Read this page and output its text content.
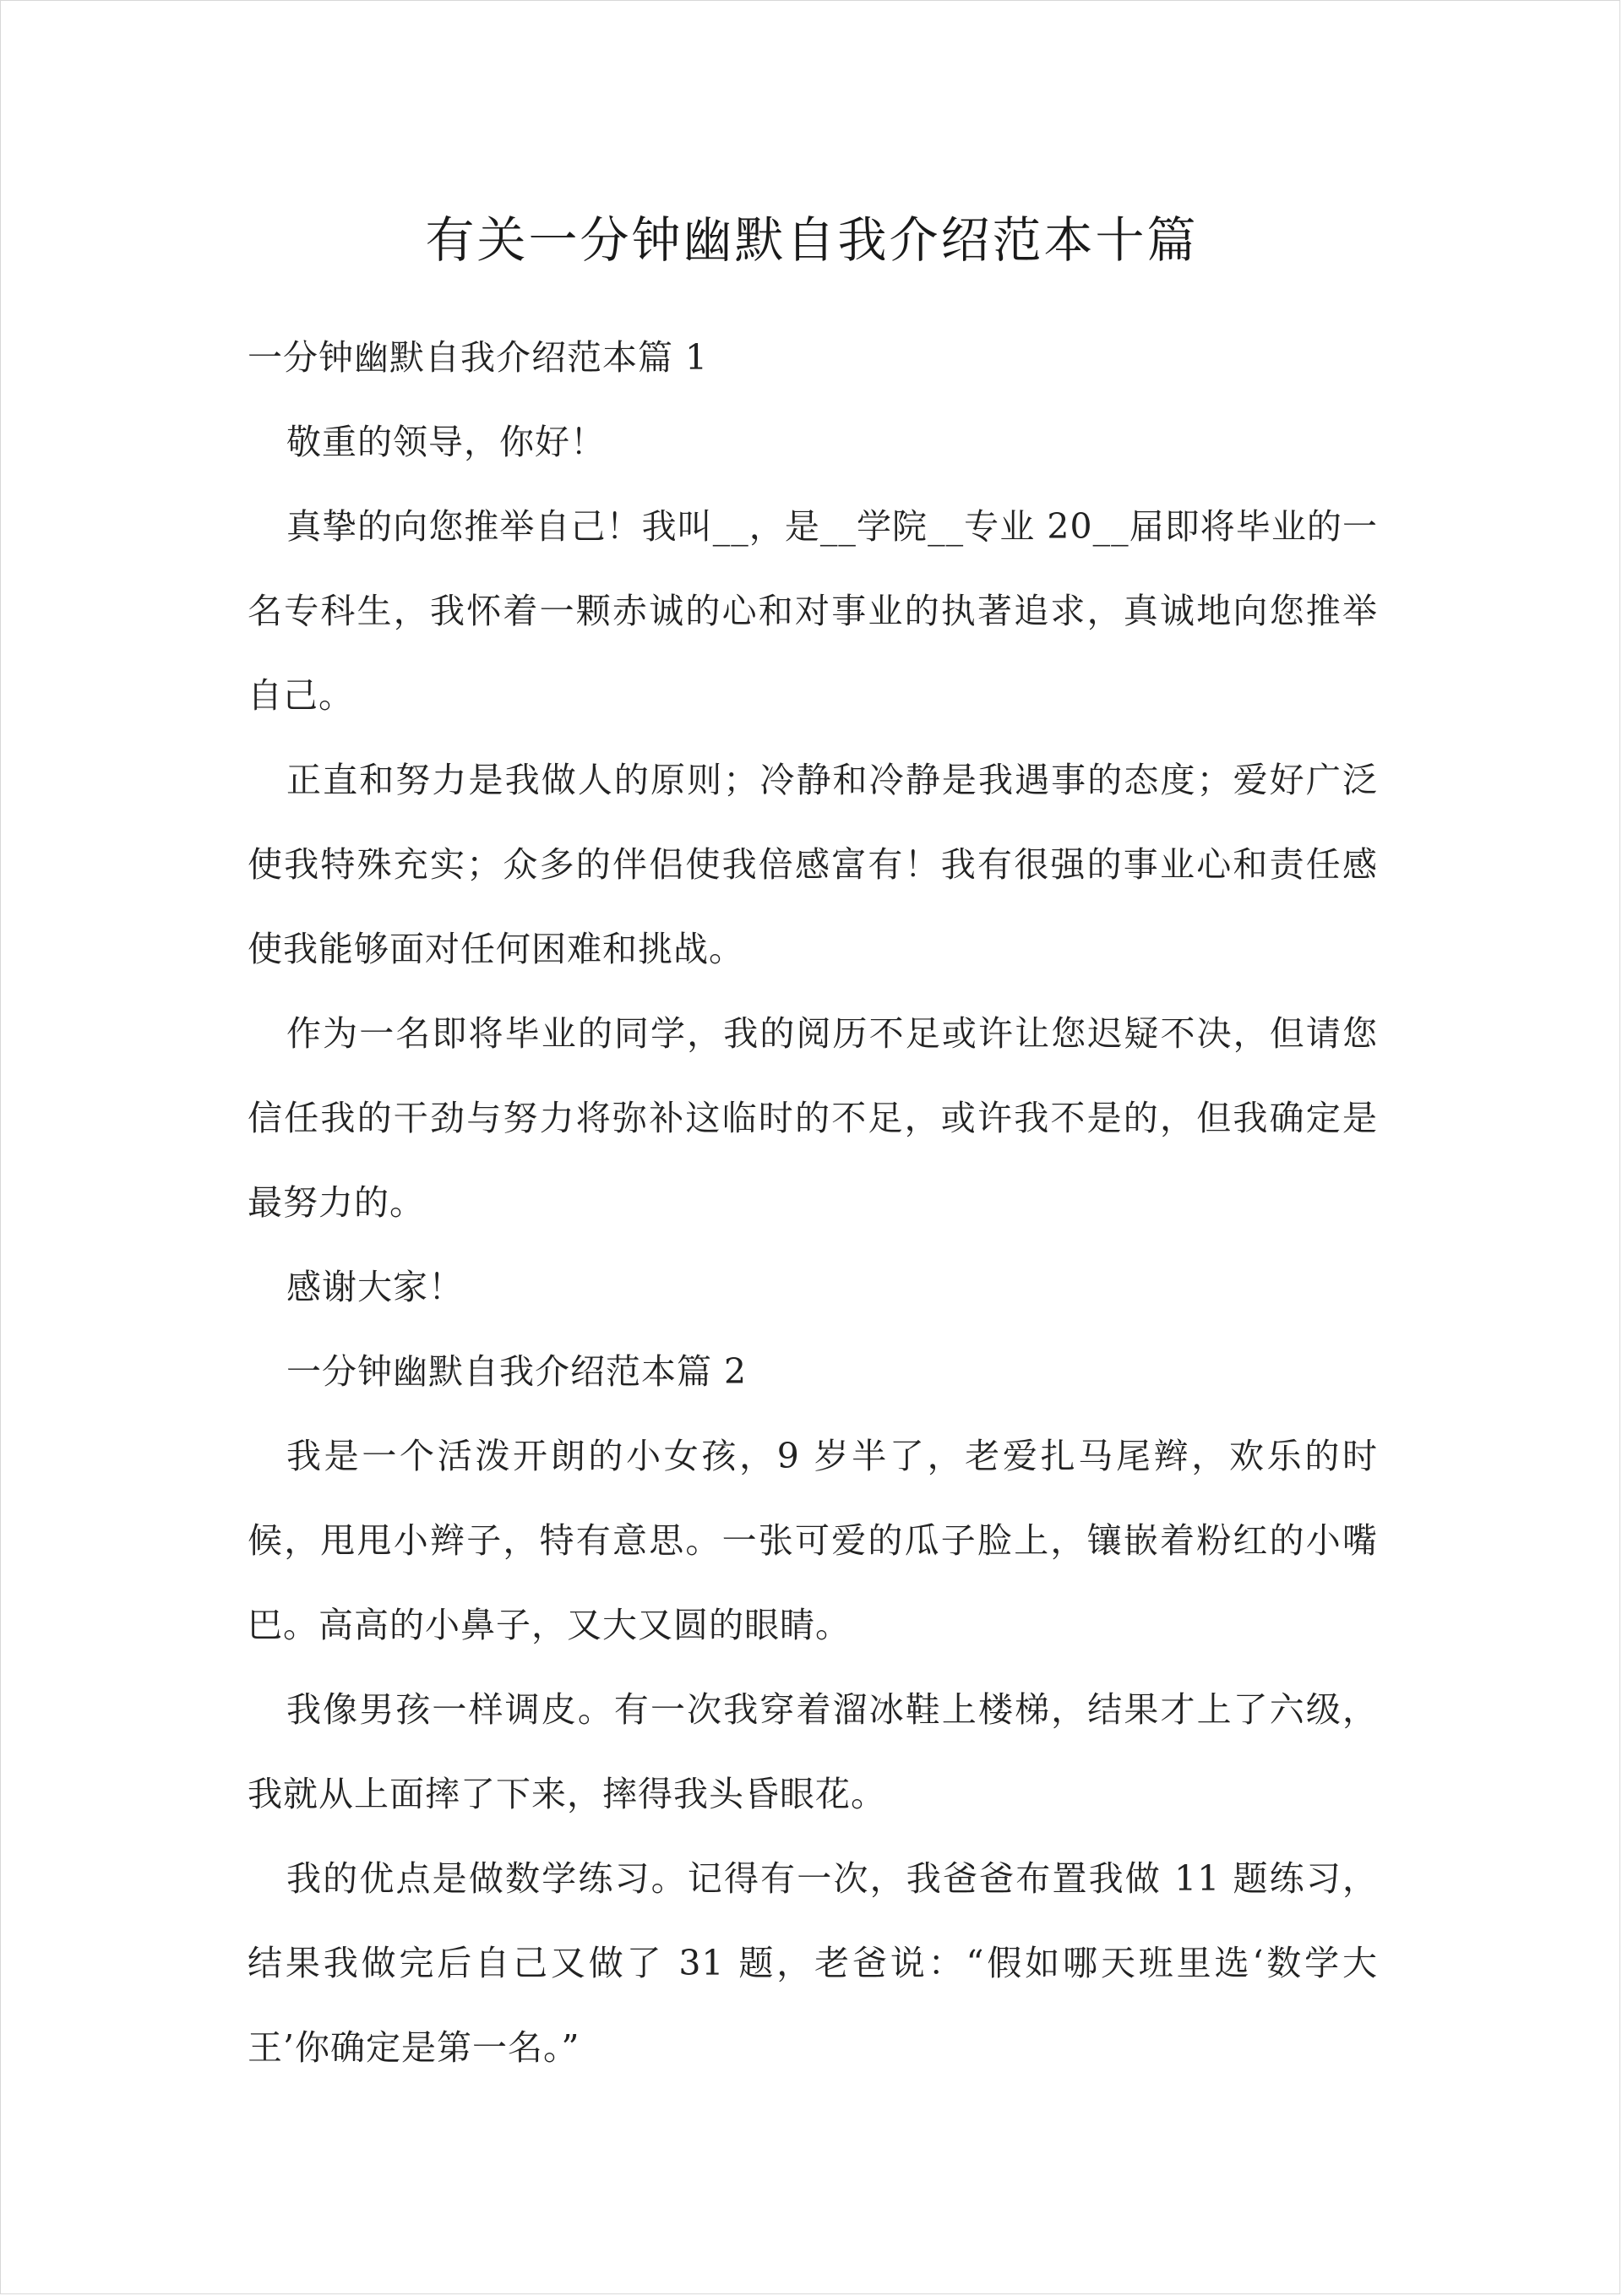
有关一分钟幽默自我介绍范本十篇

一分钟幽默自我介绍范本篇 1

敬重的领导，你好！

真挚的向您推举自己！我叫__，是__学院__专业 20__届即将毕业的一名专科生，我怀着一颗赤诚的心和对事业的执著追求，真诚地向您推举自己。

正直和努力是我做人的原则；冷静和冷静是我遇事的态度；爱好广泛使我特殊充实；众多的伴侣使我倍感富有！我有很强的事业心和责任感使我能够面对任何困难和挑战。

作为一名即将毕业的同学，我的阅历不足或许让您迟疑不决，但请您信任我的干劲与努力将弥补这临时的不足，或许我不是的，但我确定是最努力的。

感谢大家！

一分钟幽默自我介绍范本篇 2

我是一个活泼开朗的小女孩，9 岁半了，老爱扎马尾辫，欢乐的时候，甩甩小辫子，特有意思。一张可爱的瓜子脸上，镶嵌着粉红的小嘴巴。高高的小鼻子，又大又圆的眼睛。

我像男孩一样调皮。有一次我穿着溜冰鞋上楼梯，结果才上了六级，我就从上面摔了下来，摔得我头昏眼花。

我的优点是做数学练习。记得有一次，我爸爸布置我做 11 题练习，结果我做完后自己又做了 31 题，老爸说：“假如哪天班里选‘数学大王’你确定是第一名。”
